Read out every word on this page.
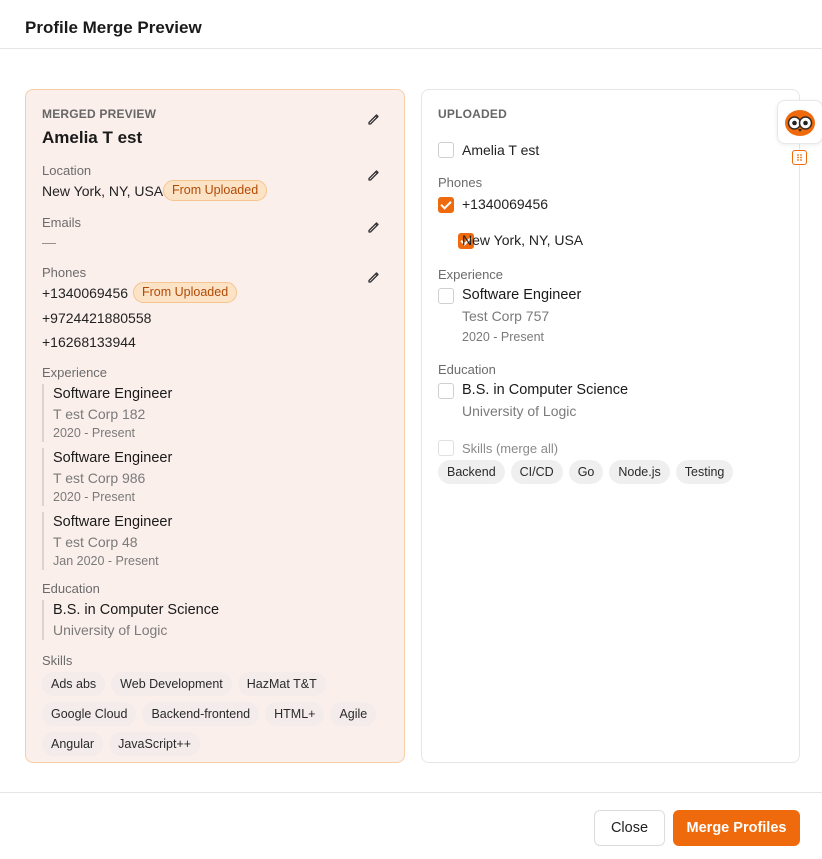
Profile Merge Preview
MERGED PREVIEW
Amelia T est
Location
New York, NY, USA From Uploaded
Emails
—
Phones
+1340069456	From Uploaded
+9724421880558
+16268133944
Experience
Software Engineer
T est Corp 182
2020 - Present
Software Engineer
T est Corp 986
2020 - Present
Software Engineer
T est Corp 48
Jan 2020 - Present
Education
B.S. in Computer Science
University of Logic
Skills
Ads abs	Web Development	HazMat T&T
Google Cloud	Backend-frontend	HTML+	Agile
Angular	JavaScript++
UPLOADED
Amelia T est
Phones

+1340069456
New York, NY, USA
Experience
Software Engineer
Test Corp 757
2020 - Present
Education
B.S. in Computer Science
University of Logic
Skills (merge all)
Backend	CI/CD	Go	Node.js	Testing
Close	Merge Profiles
